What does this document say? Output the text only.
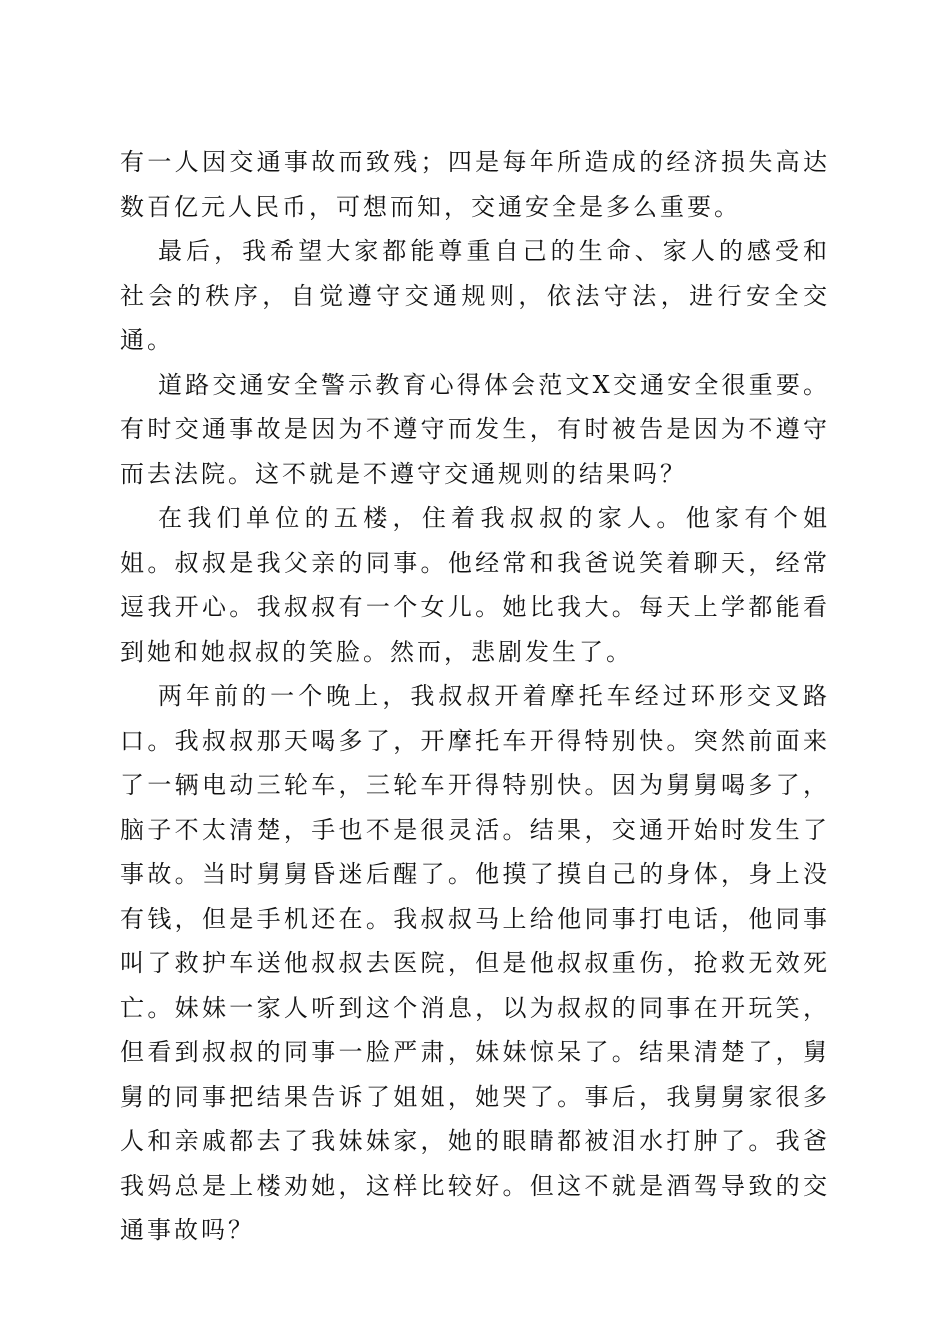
有一人因交通事故而致残；四是每年所造成的经济损失高达数百亿元人民币，可想而知，交通安全是多么重要。

最后，我希望大家都能尊重自己的生命、家人的感受和社会的秩序，自觉遵守交通规则，依法守法，进行安全交通。

道路交通安全警示教育心得体会范文X交通安全很重要。有时交通事故是因为不遵守而发生，有时被告是因为不遵守而去法院。这不就是不遵守交通规则的结果吗？

在我们单位的五楼，住着我叔叔的家人。他家有个姐姐。叔叔是我父亲的同事。他经常和我爸说笑着聊天，经常逗我开心。我叔叔有一个女儿。她比我大。每天上学都能看到她和她叔叔的笑脸。然而，悲剧发生了。

两年前的一个晚上，我叔叔开着摩托车经过环形交叉路口。我叔叔那天喝多了，开摩托车开得特别快。突然前面来了一辆电动三轮车，三轮车开得特别快。因为舅舅喝多了，脑子不太清楚，手也不是很灵活。结果，交通开始时发生了事故。当时舅舅昏迷后醒了。他摸了摸自己的身体，身上没有钱，但是手机还在。我叔叔马上给他同事打电话，他同事叫了救护车送他叔叔去医院，但是他叔叔重伤，抢救无效死亡。妹妹一家人听到这个消息，以为叔叔的同事在开玩笑，但看到叔叔的同事一脸严肃，妹妹惊呆了。结果清楚了，舅舅的同事把结果告诉了姐姐，她哭了。事后，我舅舅家很多人和亲戚都去了我妹妹家，她的眼睛都被泪水打肿了。我爸我妈总是上楼劝她，这样比较好。但这不就是酒驾导致的交通事故吗？
